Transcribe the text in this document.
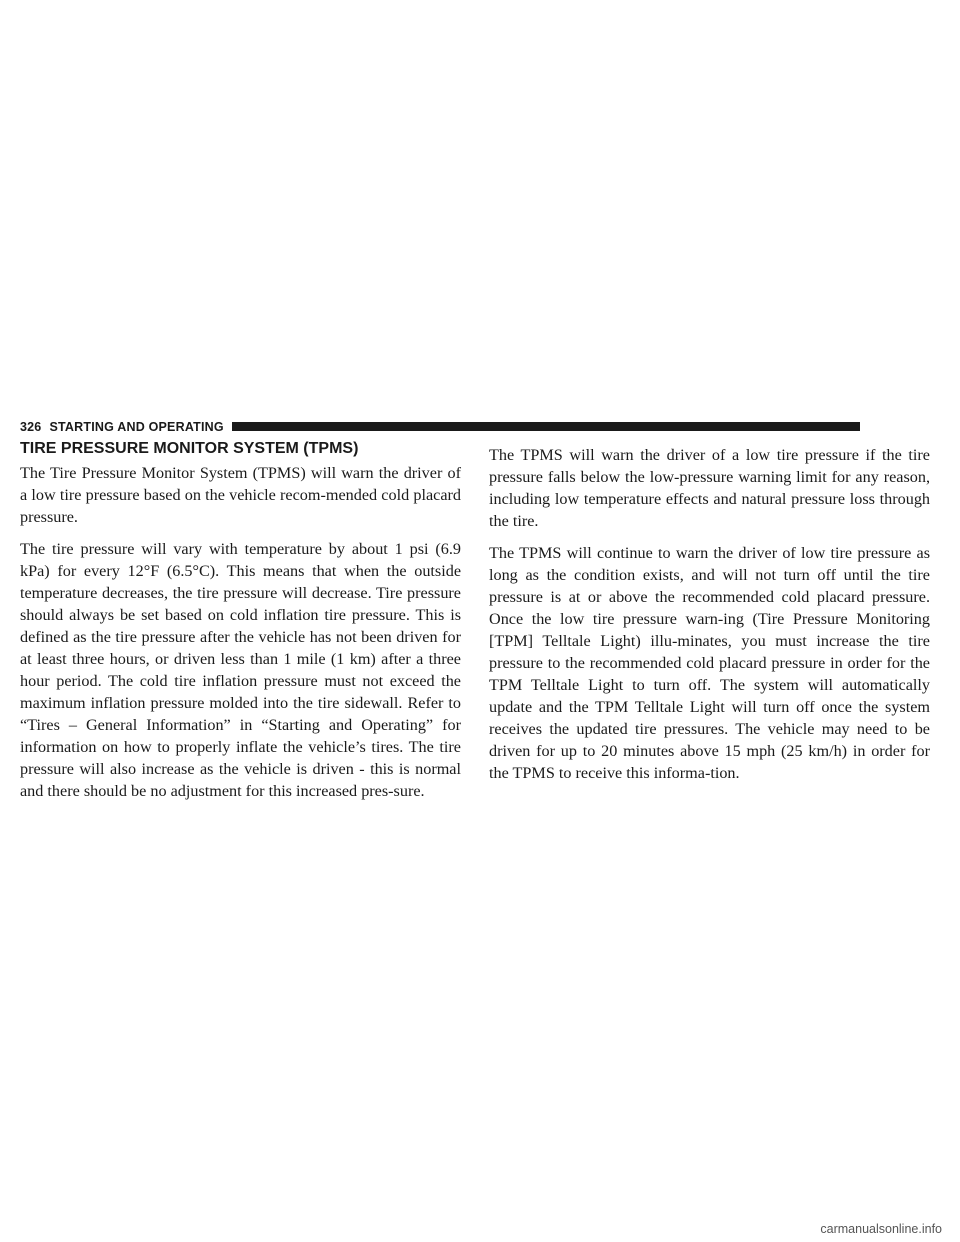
326 STARTING AND OPERATING
TIRE PRESSURE MONITOR SYSTEM (TPMS)

The Tire Pressure Monitor System (TPMS) will warn the driver of a low tire pressure based on the vehicle recom-mended cold placard pressure.

The tire pressure will vary with temperature by about 1 psi (6.9 kPa) for every 12°F (6.5°C). This means that when the outside temperature decreases, the tire pressure will decrease. Tire pressure should always be set based on cold inflation tire pressure. This is defined as the tire pressure after the vehicle has not been driven for at least three hours, or driven less than 1 mile (1 km) after a three hour period. The cold tire inflation pressure must not exceed the maximum inflation pressure molded into the tire sidewall. Refer to “Tires – General Information” in “Starting and Operating” for information on how to properly inflate the vehicle’s tires. The tire pressure will also increase as the vehicle is driven - this is normal and there should be no adjustment for this increased pres-sure.

The TPMS will warn the driver of a low tire pressure if the tire pressure falls below the low-pressure warning limit for any reason, including low temperature effects and natural pressure loss through the tire.

The TPMS will continue to warn the driver of low tire pressure as long as the condition exists, and will not turn off until the tire pressure is at or above the recommended cold placard pressure. Once the low tire pressure warn-ing (Tire Pressure Monitoring [TPM] Telltale Light) illu-minates, you must increase the tire pressure to the recommended cold placard pressure in order for the TPM Telltale Light to turn off. The system will automatically update and the TPM Telltale Light will turn off once the system receives the updated tire pressures. The vehicle may need to be driven for up to 20 minutes above 15 mph (25 km/h) in order for the TPMS to receive this informa-tion.

carmanualsonline.info
